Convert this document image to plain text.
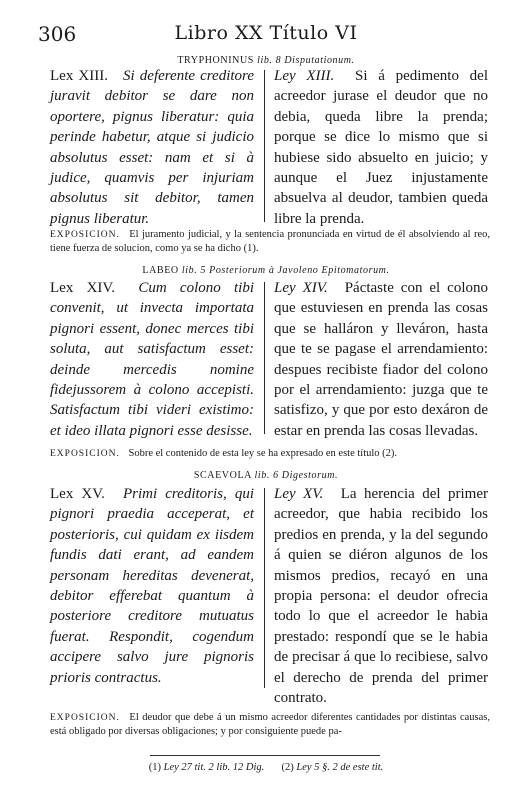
306	Libro XX Título VI
TRYPHONINUS lib. 8 Disputationum.
Lex XIII. Si deferente creditore juravit debitor se dare non oportere, pignus liberatur: quia perinde habetur, atque si judicio absolutus esset: nam et si à judice, quamvis per injuriam absolutus sit debitor, tamen pignus liberatur.
Ley XIII. Si á pedimento del acreedor jurase el deudor que no debia, queda libre la prenda; porque se dice lo mismo que si hubiese sido absuelto en juicio; y aunque el Juez injustamente absuelva al deudor, tambien queda libre la prenda.
EXPOSICION. El juramento judicial, y la sentencia pronunciada en virtud de él absolviendo al reo, tiene fuerza de solucion, como ya se ha dicho (1).
LABEO lib. 5 Posteriorum à Javoleno Epitomatorum.
Lex XIV. Cum colono tibi convenit, ut invecta importata pignori essent, donec merces tibi soluta, aut satisfactum esset: deinde mercedis nomine fidejussorem à colono accepisti. Satisfactum tibi videri existimo: et ideo illata pignori esse desisse.
Ley XIV. Páctaste con el colono que estuviesen en prenda las cosas que se halláron y lleváron, hasta que te se pagase el arrendamiento: despues recibiste fiador del colono por el arrendamiento: juzga que te satisfizo, y que por esto dexáron de estar en prenda las cosas llevadas.
EXPOSICION. Sobre el contenido de esta ley se ha expresado en este título (2).
SCAEVOLA lib. 6 Digestorum.
Lex XV. Primi creditoris, qui pignori praedia acceperat, et posterioris, cui quidam ex iisdem fundis dati erant, ad eandem personam hereditas devenerat, debitor efferebat quantum à posteriore creditore mutuatus fuerat. Respondit, cogendum accipere salvo jure pignoris prioris contractus.
Ley XV. La herencia del primer acreedor, que habia recibido los predios en prenda, y la del segundo á quien se diéron algunos de los mismos predios, recayó en una propia persona: el deudor ofrecia todo lo que el acreedor le habia prestado: respondí que se le habia de precisar á que lo recibiese, salvo el derecho de prenda del primer contrato.
EXPOSICION. El deudor que debe á un mismo acreedor diferentes cantidades por distintas causas, está obligado por diversas obligaciones; y por consiguiente puede pa-
(1) Ley 27 tit. 2 lib. 12 Dig. (2) Ley 5 §. 2 de este tit.
